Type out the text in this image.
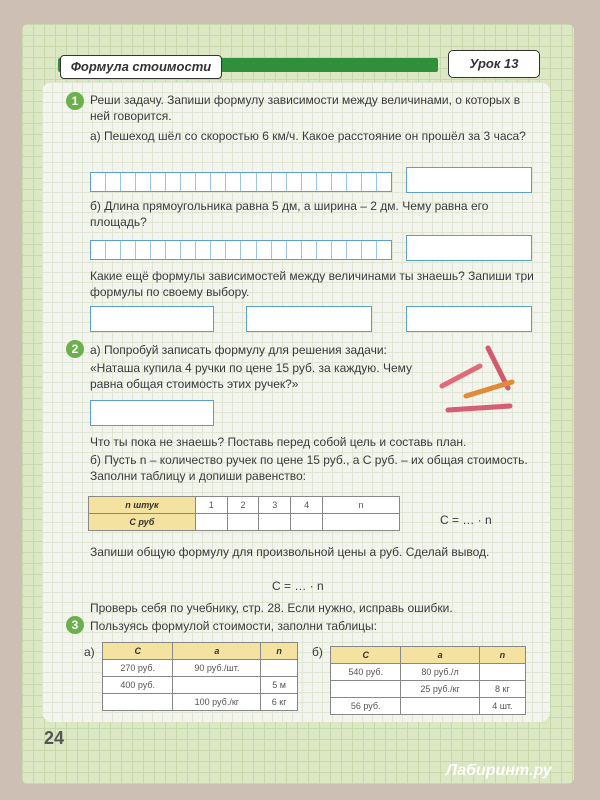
Формула стоимости	Урок 13
1 Реши задачу. Запиши формулу зависимости между величинами, о которых в ней говорится.
а) Пешеход шёл со скоростью 6 км/ч. Какое расстояние он прошёл за 3 часа?
б) Длина прямоугольника равна 5 дм, а ширина – 2 дм. Чему равна его площадь?
Какие ещё формулы зависимостей между величинами ты знаешь? Запиши три формулы по своему выбору.
2 а) Попробуй записать формулу для решения задачи:
«Наташа купила 4 ручки по цене 15 руб. за каждую. Чему равна общая стоимость этих ручек?»
Что ты пока не знаешь? Поставь перед собой цель и составь план.
б) Пусть n – количество ручек по цене 15 руб., а C руб. – их общая стоимость. Заполни таблицу и допиши равенство:
n штук	1	2	3	4	n
C руб						C = … · n
Запиши общую формулу для произвольной цены a руб. Сделай вывод.
C = … · n
Проверь себя по учебнику, стр. 28. Если нужно, исправь ошибки.
3 Пользуясь формулой стоимости, заполни таблицы:
а)	б)
C	a	n
270 руб.	90 руб./шт.	
400 руб.		5 м
	100 руб./кг	6 кг
C	a	n
540 руб.	80 руб./л	
	25 руб./кг	8 кг
56 руб.		4 шт.
24
Лабиринт.ру
